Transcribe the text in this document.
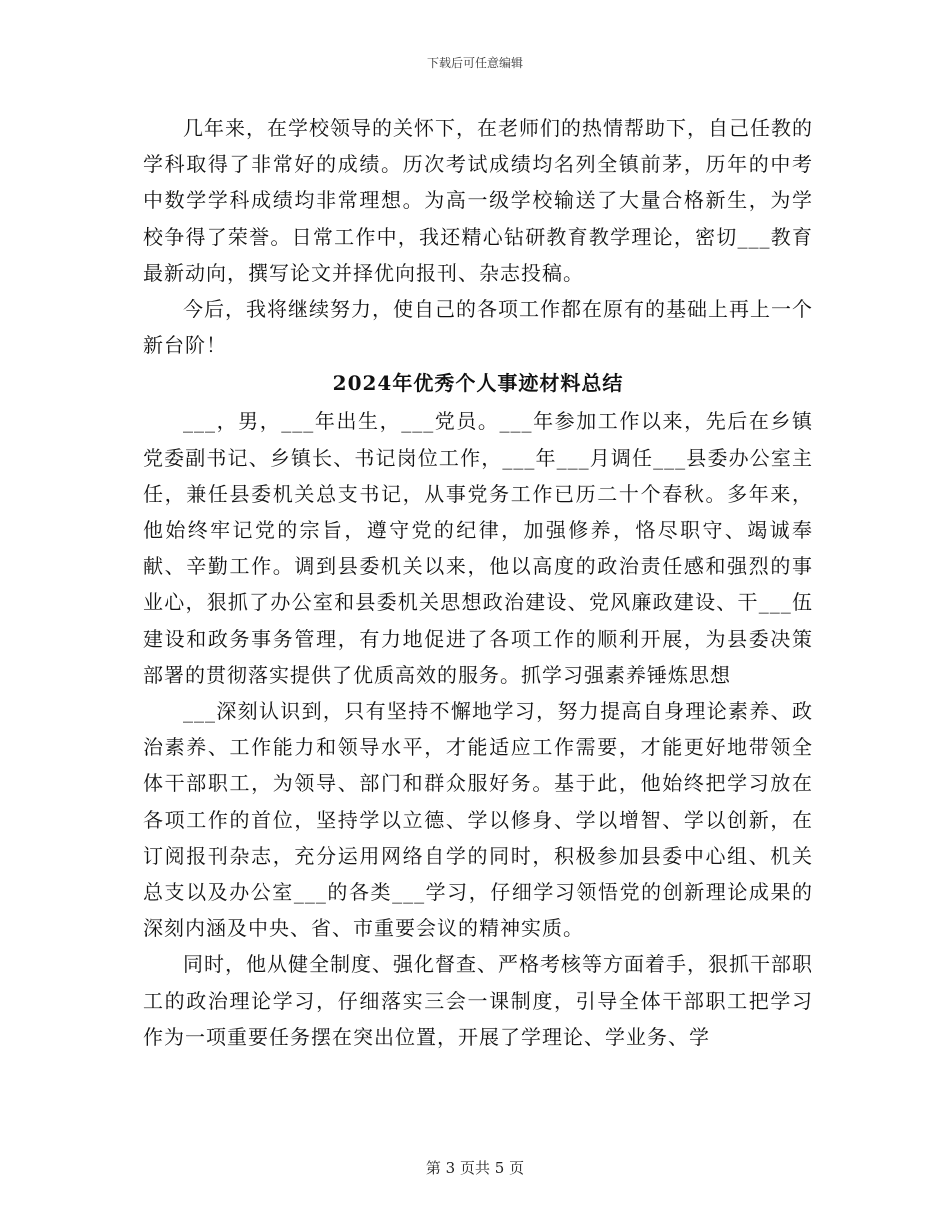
下载后可任意编辑

几年来，在学校领导的关怀下，在老师们的热情帮助下，自己任教的学科取得了非常好的成绩。历次考试成绩均名列全镇前茅，历年的中考中数学学科成绩均非常理想。为高一级学校输送了大量合格新生，为学校争得了荣誉。日常工作中，我还精心钻研教育教学理论，密切___教育最新动向，撰写论文并择优向报刊、杂志投稿。

今后，我将继续努力，使自己的各项工作都在原有的基础上再上一个新台阶！

2024年优秀个人事迹材料总结

___，男，___年出生，___党员。___年参加工作以来，先后在乡镇党委副书记、乡镇长、书记岗位工作，___年___月调任___县委办公室主任，兼任县委机关总支书记，从事党务工作已历二十个春秋。多年来，他始终牢记党的宗旨，遵守党的纪律，加强修养，恪尽职守、竭诚奉献、辛勤工作。调到县委机关以来，他以高度的政治责任感和强烈的事业心，狠抓了办公室和县委机关思想政治建设、党风廉政建设、干___伍建设和政务事务管理，有力地促进了各项工作的顺利开展，为县委决策部署的贯彻落实提供了优质高效的服务。抓学习强素养锤炼思想

___深刻认识到，只有坚持不懈地学习，努力提高自身理论素养、政治素养、工作能力和领导水平，才能适应工作需要，才能更好地带领全体干部职工，为领导、部门和群众服好务。基于此，他始终把学习放在各项工作的首位，坚持学以立德、学以修身、学以增智、学以创新，在订阅报刊杂志，充分运用网络自学的同时，积极参加县委中心组、机关总支以及办公室___的各类___学习，仔细学习领悟党的创新理论成果的深刻内涵及中央、省、市重要会议的精神实质。

同时，他从健全制度、强化督查、严格考核等方面着手，狠抓干部职工的政治理论学习，仔细落实三会一课制度，引导全体干部职工把学习作为一项重要任务摆在突出位置，开展了学理论、学业务、学

第 3 页共 5 页
